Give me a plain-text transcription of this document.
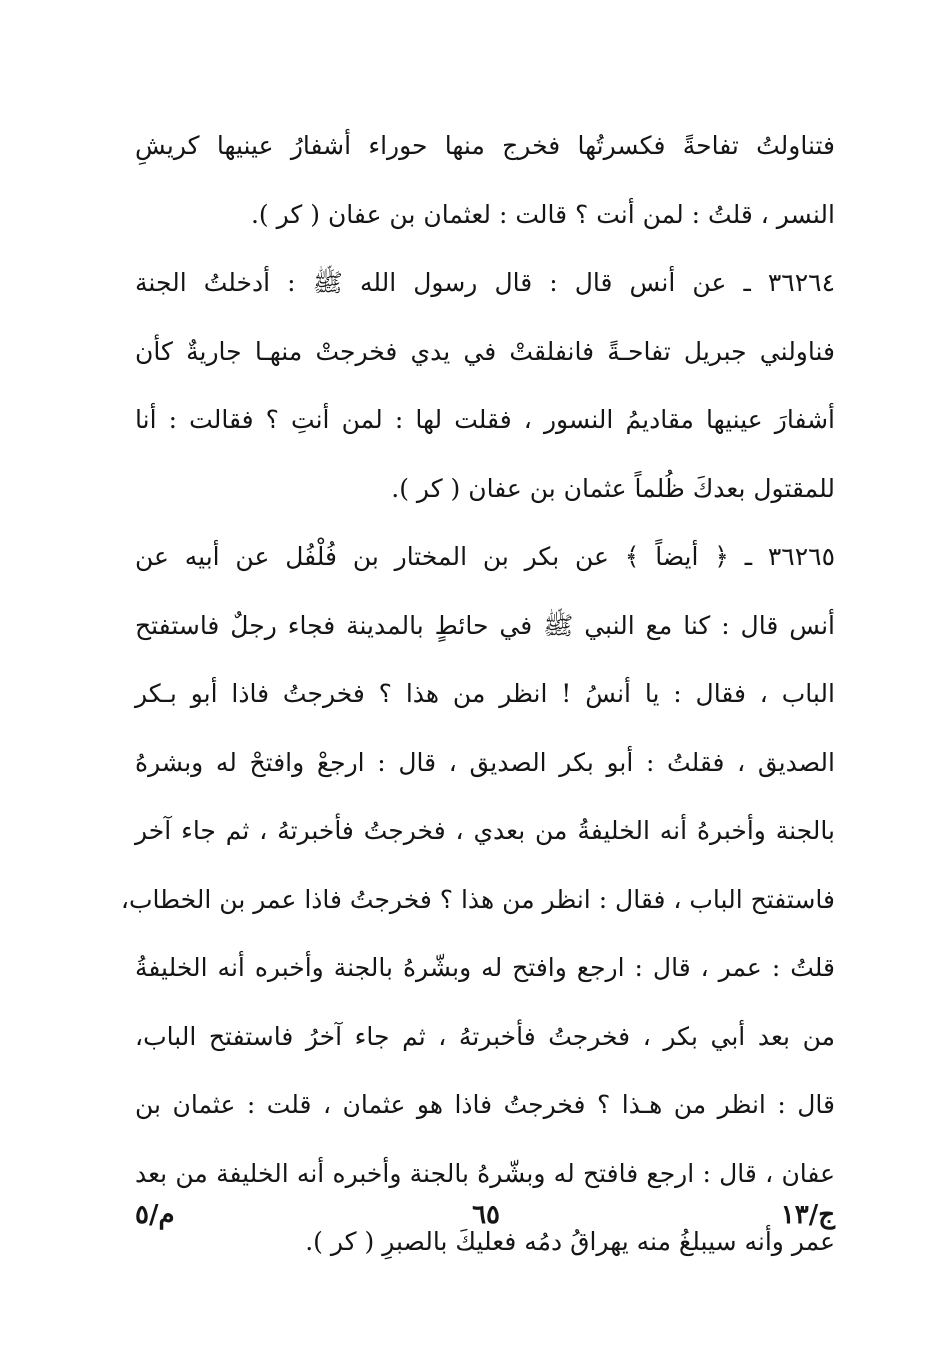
فتناولتُ تفاحةً فكسرتُها فخرج منها حوراء أشفارُ عينيها كريشِ
النسر ، قلتُ : لمن أنت ؟ قالت : لعثمان بن عفان ( كر ).
٣٦٢٦٤ ـ عن أنس قال : قال رسول الله ﷺ : أدخلتُ الجنة
فناولني جبريل تفاحـةً فانفلقتْ في يدي فخرجتْ منهـا جاريةٌ كأن
أشفارَ عينيها مقاديمُ النسور ، فقلت لها : لمن أنتِ ؟ فقالت : أنا
للمقتول بعدكَ ظُلماً عثمان بن عفان ( كر ).
٣٦٢٦٥ ـ ﴿ أيضاً ﴾ عن بكر بن المختار بن فُلْفُل عن أبيه عن
أنس قال : كنا مع النبي ﷺ في حائطٍ بالمدينة فجاء رجلٌ فاستفتح
الباب ، فقال : يا أنسُ ! انظر من هذا ؟ فخرجتُ فاذا أبو بـكر
الصديق ، فقلتُ : أبو بكر الصديق ، قال : ارجعْ وافتحْ له وبشرهُ
بالجنة وأخبرهُ أنه الخليفةُ من بعدي ، فخرجتُ فأخبرتهُ ، ثم جاء آخر
فاستفتح الباب ، فقال : انظر من هذا ؟ فخرجتُ فاذا عمر بن الخطاب،
قلتُ : عمر ، قال : ارجع وافتح له وبشّرهُ بالجنة وأخبره أنه الخليفةُ
من بعد أبي بكر ، فخرجتُ فأخبرتهُ ، ثم جاء آخرُ فاستفتح الباب،
قال : انظر من هـذا ؟ فخرجتُ فاذا هو عثمان ، قلت : عثمان بن
عفان ، قال : ارجع فافتح له وبشّرهُ بالجنة وأخبره أنه الخليفة من بعد
عمر وأنه سيبلغُ منه يهراقُ دمُه فعليكَ بالصبرِ ( كر ).
ج/١٣
٦٥
م/٥
